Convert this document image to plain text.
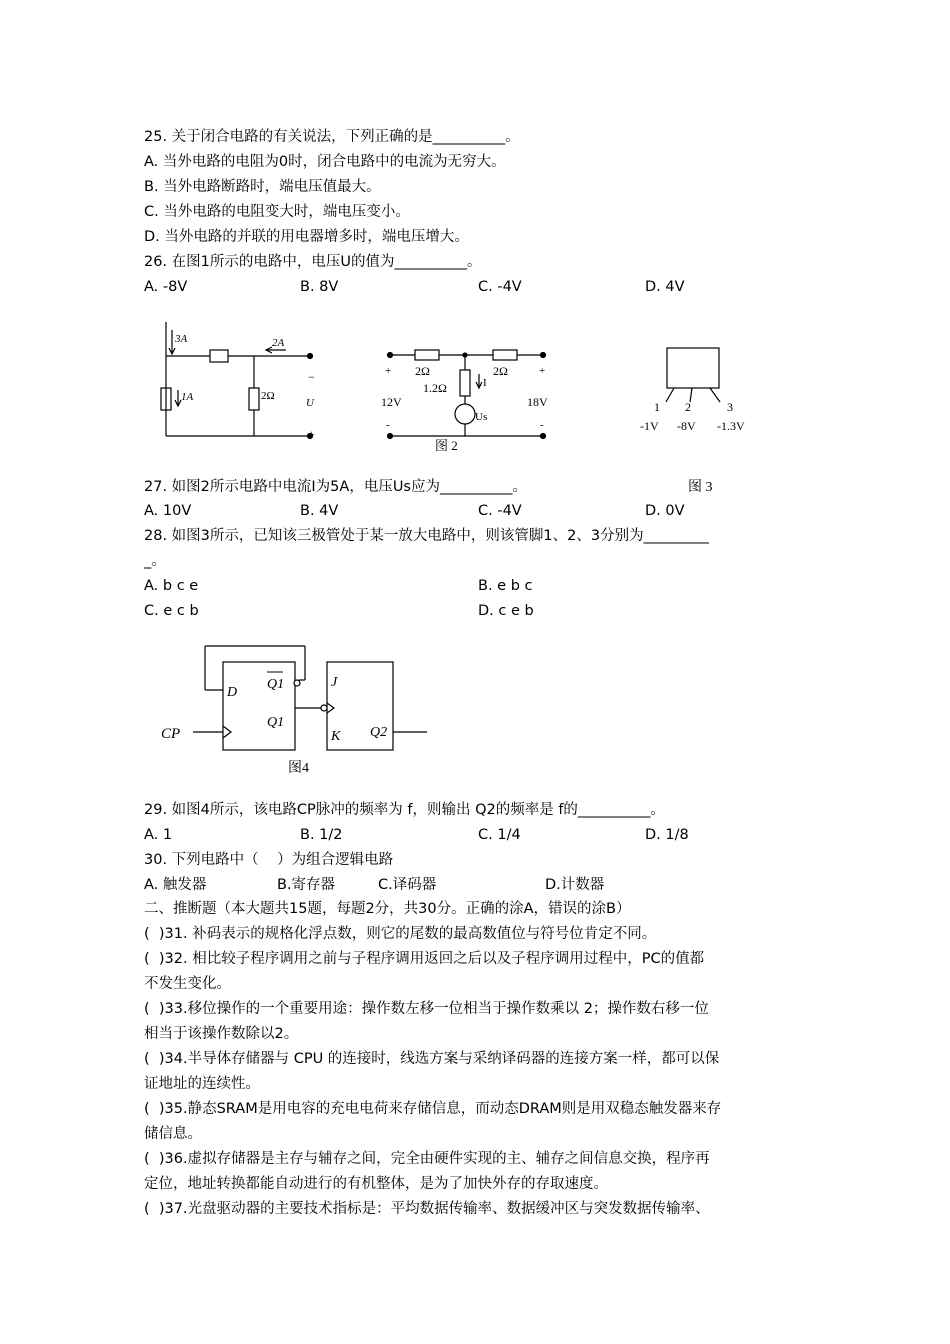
25. 关于闭合电路的有关说法，下列正确的是__________。
A. 当外电路的电阻为0时，闭合电路中的电流为无穷大。
B. 当外电路断路时，端电压值最大。
C. 当外电路的电阻变大时，端电压变小。
D. 当外电路的并联的用电器增多时，端电压增大。
26. 在图1所示的电路中，电压U的值为__________。
A. -8V	B. 8V	C. -4V	D. 4V
3A	2A
1A	2Ω
−
U
+
2Ω	2Ω
1.2Ω	I
Us
12V	18V
+	+
-	-
图 2
1 2	3
-1V -8V -1.3V
图 3
27. 如图2所示电路中电流I为5A，电压Us应为__________。
A. 10V	B. 4V	C. -4V	D. 0V
28. 如图3所示，已知该三极管处于某一放大电路中，则该管脚1、2、3分别为_________
_。
A. b c e	B. e b c
C. e c b	D. c e b
D
Q1
Q1
J
K Q2
CP
图4
29. 如图4所示，该电路CP脉冲的频率为 f，则输出 Q2的频率是 f的__________。
A. 1	B. 1/2	C. 1/4	D. 1/8
30. 下列电路中（    ）为组合逻辑电路
A. 触发器	B.寄存器	C.译码器	D.计数器
二、推断题（本大题共15题，每题2分，共30分。正确的涂A，错误的涂B）
(  )31. 补码表示的规格化浮点数，则它的尾数的最高数值位与符号位肯定不同。
(  )32. 相比较子程序调用之前与子程序调用返回之后以及子程序调用过程中，PC的值都
不发生变化。
(  )33.移位操作的一个重要用途：操作数左移一位相当于操作数乘以 2；操作数右移一位
相当于该操作数除以2。
(  )34.半导体存储器与 CPU 的连接时，线选方案与采纳译码器的连接方案一样，都可以保
证地址的连续性。
(  )35.静态SRAM是用电容的充电电荷来存储信息，而动态DRAM则是用双稳态触发器来存
储信息。
(  )36.虚拟存储器是主存与辅存之间，完全由硬件实现的主、辅存之间信息交换，程序再
定位，地址转换都能自动进行的有机整体，是为了加快外存的存取速度。
(  )37.光盘驱动器的主要技术指标是：平均数据传输率、数据缓冲区与突发数据传输率、
